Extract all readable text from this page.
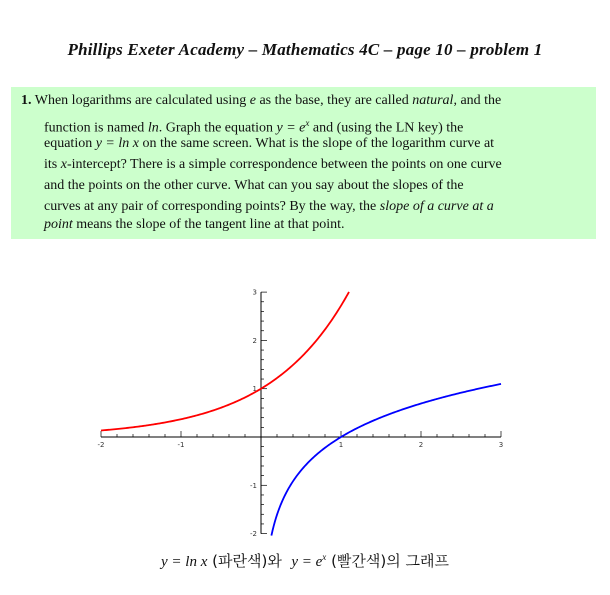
Phillips Exeter Academy – Mathematics 4C – page 10 – problem 1
1. When logarithms are calculated using e as the base, they are called natural, and the
function is named ln. Graph the equation $y = e^x$ and (using the LN key) the
equation y = ln x on the same screen. What is the slope of the logarithm curve at
its x-intercept? There is a simple correspondence between the points on one curve
and the points on the other curve. What can you say about the slopes of the
curves at any pair of corresponding points? By the way, the slope of a curve at a
point means the slope of the tangent line at that point.
-2	-1	1	2	3
-2
-1
1
2
3
y = ln x (파란색)와 $y = e^x$ (빨간색)의 그래프
